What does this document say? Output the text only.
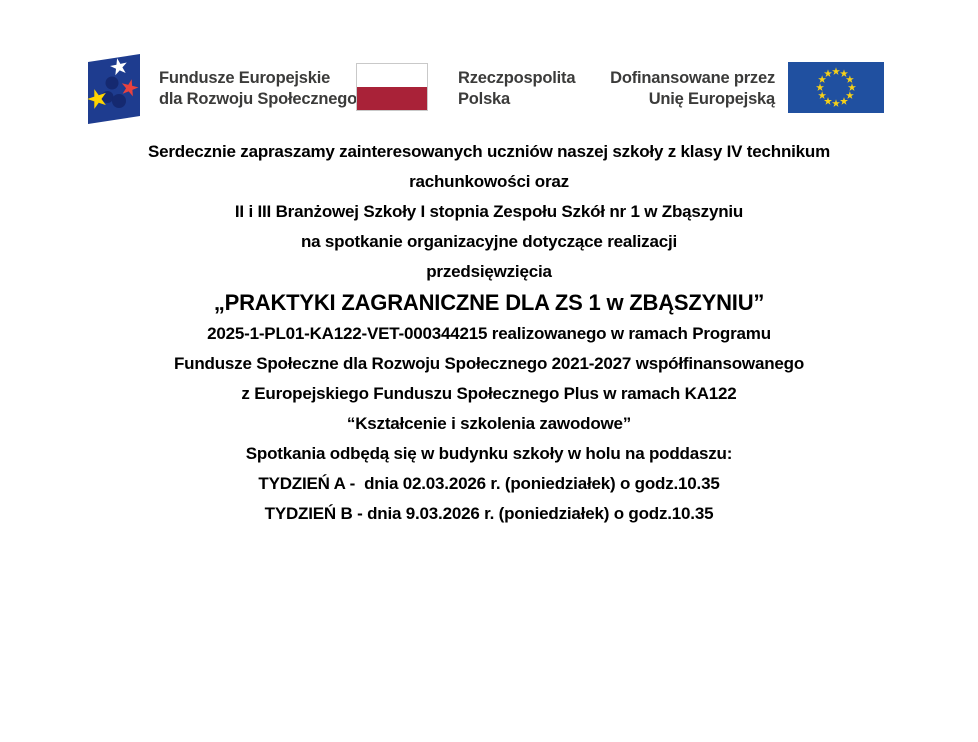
Fundusze Europejskie
dla Rozwoju Społecznego
Rzeczpospolita
Polska
Dofinansowane przez
Unię Europejską

Serdecznie zapraszamy zainteresowanych uczniów naszej szkoły z klasy IV technikum
rachunkowości oraz
II i III Branżowej Szkoły I stopnia Zespołu Szkół nr 1 w Zbąszyniu

na spotkanie organizacyjne dotyczące realizacji
przedsięwzięcia

„PRAKTYKI ZAGRANICZNE DLA ZS 1 w ZBĄSZYNIU”

2025-1-PL01-KA122-VET-000344215 realizowanego w ramach Programu

Fundusze Społeczne dla Rozwoju Społecznego 2021-2027 współfinansowanego
z Europejskiego Funduszu Społecznego Plus w ramach KA122

“Kształcenie i szkolenia zawodowe”

Spotkania odbędą się w budynku szkoły w holu na poddaszu:

TYDZIEŃ A -  dnia 02.03.2026 r. (poniedziałek) o godz.10.35

TYDZIEŃ B - dnia 9.03.2026 r. (poniedziałek) o godz.10.35
